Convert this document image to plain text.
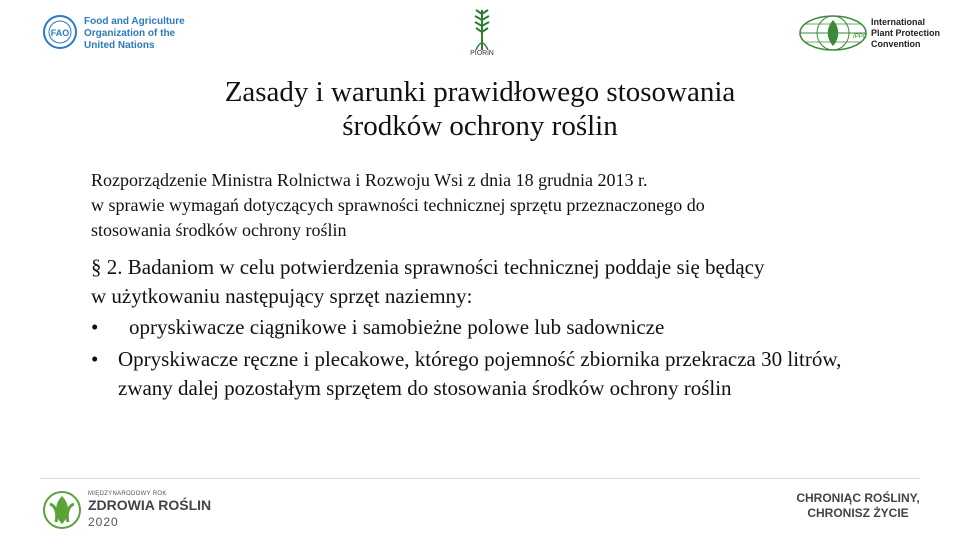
FAO
Food and Agriculture
Organization of the
United Nations
PIORiN
IPPC
International
Plant Protection
Convention
Zasady i warunki prawidłowego stosowania
środków ochrony roślin
Rozporządzenie Ministra Rolnictwa i Rozwoju Wsi z dnia 18 grudnia 2013 r.
w sprawie wymagań dotyczących sprawności technicznej sprzętu przeznaczonego do
stosowania środków ochrony roślin
§ 2. Badaniom w celu potwierdzenia sprawności technicznej poddaje się będący
w użytkowaniu następujący sprzęt naziemny:
• opryskiwacze ciągnikowe i samobieżne polowe lub sadownicze
• Opryskiwacze ręczne i plecakowe, którego pojemność zbiornika przekracza 30 litrów, zwany dalej pozostałym sprzętem do stosowania środków ochrony roślin
MIĘDZYNARODOWY ROK
ZDROWIA ROŚLIN
2020
CHRONIĄC ROŚLINY,
CHRONISZ ŻYCIE
